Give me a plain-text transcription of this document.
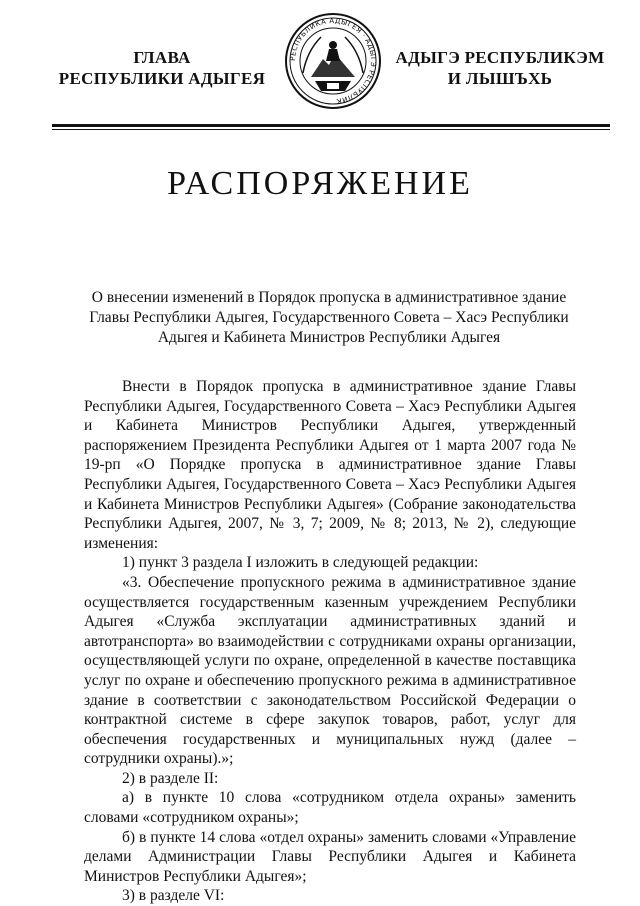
ГЛАВА
РЕСПУБЛИКИ АДЫГЕЯ
РЕСПУБЛИКА АДЫГЕЯ · АДЫГЭ РЕСПУБЛИК
АДЫГЭ РЕСПУБЛИКЭМ
И ЛЫШЪХЬ
РАСПОРЯЖЕНИЕ
О внесении изменений в Порядок пропуска в административное здание
Главы Республики Адыгея, Государственного Совета – Хасэ Республики
Адыгея и Кабинета Министров Республики Адыгея

Внести в Порядок пропуска в административное здание Главы Республики Адыгея, Государственного Совета – Хасэ Республики Адыгея и Кабинета Министров Республики Адыгея, утвержденный распоряжением Президента Республики Адыгея от 1 марта 2007 года № 19-рп «О Порядке пропуска в административное здание Главы Республики Адыгея, Государственного Совета – Хасэ Республики Адыгея и Кабинета Министров Республики Адыгея» (Собрание законодательства Республики Адыгея, 2007, № 3, 7; 2009, № 8; 2013, № 2), следующие изменения:

1) пункт 3 раздела I изложить в следующей редакции:

«3. Обеспечение пропускного режима в административное здание осуществляется государственным казенным учреждением Республики Адыгея «Служба эксплуатации административных зданий и автотранспорта» во взаимодействии с сотрудниками охраны организации, осуществляющей услуги по охране, определенной в качестве поставщика услуг по охране и обеспечению пропускного режима в административное здание в соответствии с законодательством Российской Федерации о контрактной системе в сфере закупок товаров, работ, услуг для обеспечения государственных и муниципальных нужд (далее – сотрудники охраны).»;

2) в разделе II:

а) в пункте 10 слова «сотрудником отдела охраны» заменить словами «сотрудником охраны»;

б) в пункте 14 слова «отдел охраны» заменить словами «Управление делами Администрации Главы Республики Адыгея и Кабинета Министров Республики Адыгея»;

3) в разделе VI:
